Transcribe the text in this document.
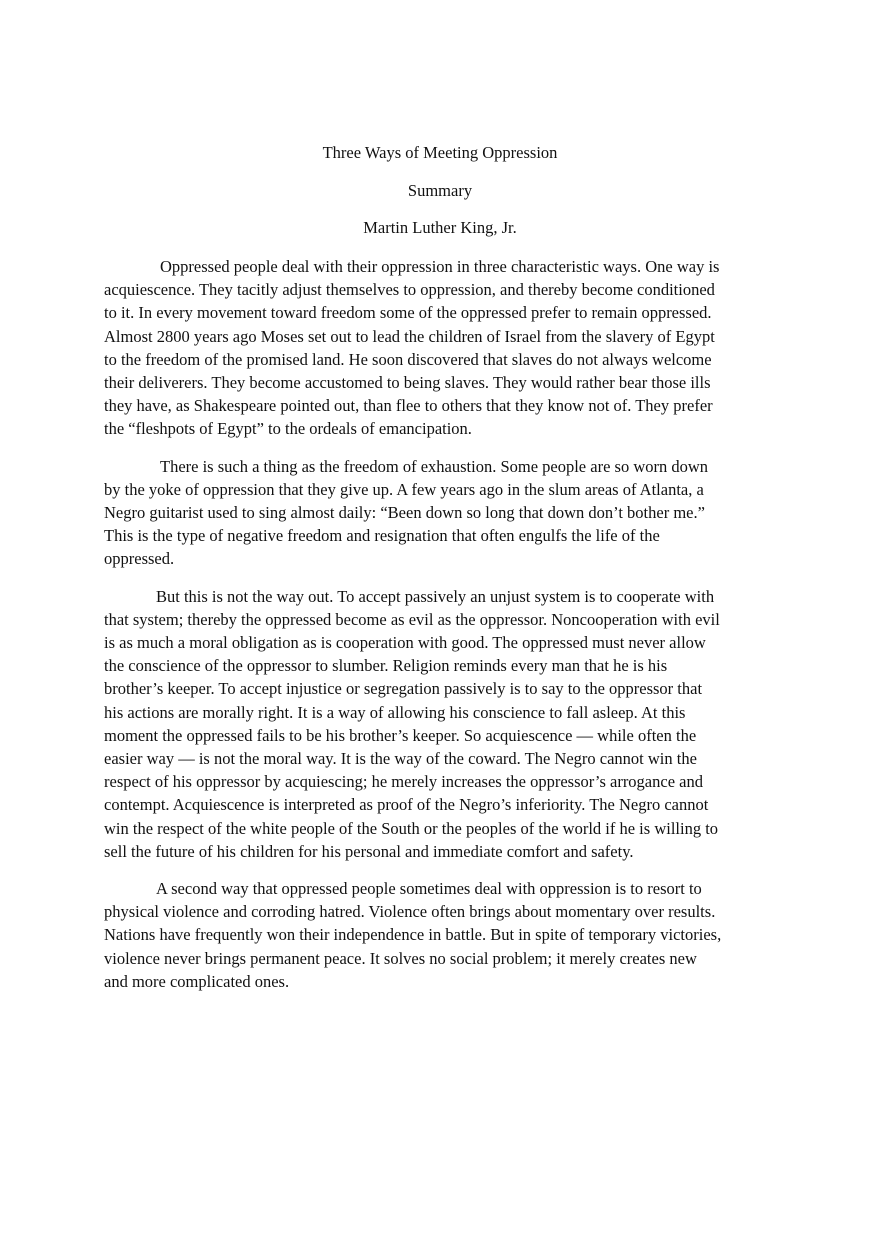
Three Ways of Meeting Oppression
Summary
Martin Luther King, Jr.

Oppressed people deal with their oppression in three characteristic ways. One way is acquiescence. They tacitly adjust themselves to oppression, and thereby become conditioned to it. In every movement toward freedom some of the oppressed prefer to remain oppressed. Almost 2800 years ago Moses set out to lead the children of Israel from the slavery of Egypt to the freedom of the promised land. He soon discovered that slaves do not always welcome their deliverers. They become accustomed to being slaves. They would rather bear those ills they have, as Shakespeare pointed out, than flee to others that they know not of. They prefer the “fleshpots of Egypt” to the ordeals of emancipation.

There is such a thing as the freedom of exhaustion. Some people are so worn down by the yoke of oppression that they give up. A few years ago in the slum areas of Atlanta, a Negro guitarist used to sing almost daily: “Been down so long that down don’t bother me.” This is the type of negative freedom and resignation that often engulfs the life of the oppressed.

But this is not the way out. To accept passively an unjust system is to cooperate with that system; thereby the oppressed become as evil as the oppressor. Noncooperation with evil is as much a moral obligation as is cooperation with good. The oppressed must never allow the conscience of the oppressor to slumber. Religion reminds every man that he is his brother’s keeper. To accept injustice or segregation passively is to say to the oppressor that his actions are morally right. It is a way of allowing his conscience to fall asleep. At this moment the oppressed fails to be his brother’s keeper. So acquiescence — while often the easier way — is not the moral way. It is the way of the coward. The Negro cannot win the respect of his oppressor by acquiescing; he merely increases the oppressor’s arrogance and contempt. Acquiescence is interpreted as proof of the Negro’s inferiority. The Negro cannot win the respect of the white people of the South or the peoples of the world if he is willing to sell the future of his children for his personal and immediate comfort and safety.

A second way that oppressed people sometimes deal with oppression is to resort to physical violence and corroding hatred. Violence often brings about momentary over results. Nations have frequently won their independence in battle. But in spite of temporary victories, violence never brings permanent peace. It solves no social problem; it merely creates new and more complicated ones.
